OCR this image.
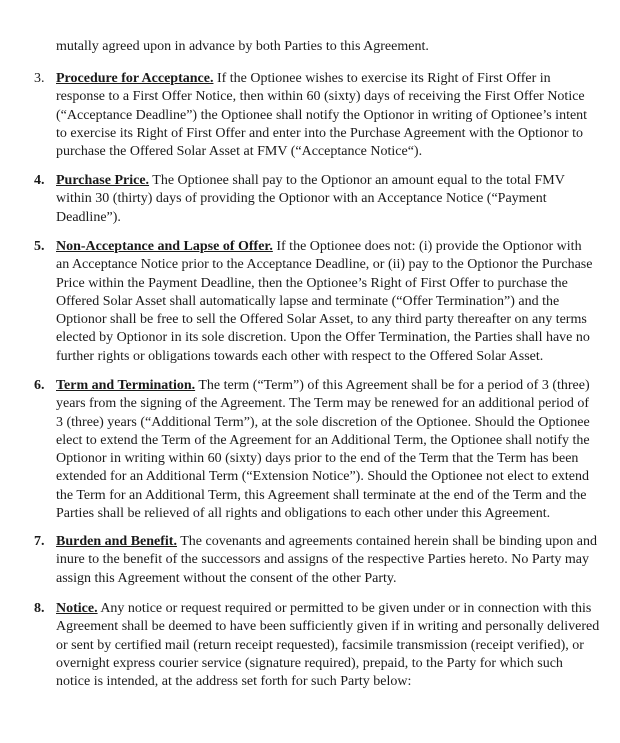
mutally agreed upon in advance by both Parties to this Agreement.
3. Procedure for Acceptance. If the Optionee wishes to exercise its Right of First Offer in
response to a First Offer Notice, then within 60 (sixty) days of receiving the First Offer Notice
(“Acceptance Deadline”) the Optionee shall notify the Optionor in writing of Optionee’s intent
to exercise its Right of First Offer and enter into the Purchase Agreement with the Optionor to
purchase the Offered Solar Asset at FMV (“Acceptance Notice“).
4. Purchase Price. The Optionee shall pay to the Optionor an amount equal to the total FMV
within 30 (thirty) days of providing the Optionor with an Acceptance Notice (“Payment
Deadline”).
5. Non-Acceptance and Lapse of Offer. If the Optionee does not: (i) provide the Optionor with
an Acceptance Notice prior to the Acceptance Deadline, or (ii) pay to the Optionor the Purchase
Price within the Payment Deadline, then the Optionee’s Right of First Offer to purchase the
Offered Solar Asset shall automatically lapse and terminate (“Offer Termination”) and the
Optionor shall be free to sell the Offered Solar Asset, to any third party thereafter on any terms
elected by Optionor in its sole discretion. Upon the Offer Termination, the Parties shall have no
further rights or obligations towards each other with respect to the Offered Solar Asset.
6. Term and Termination. The term (“Term”) of this Agreement shall be for a period of 3 (three)
years from the signing of the Agreement. The Term may be renewed for an additional period of
3 (three) years (“Additional Term”), at the sole discretion of the Optionee. Should the Optionee
elect to extend the Term of the Agreement for an Additional Term, the Optionee shall notify the
Optionor in writing within 60 (sixty) days prior to the end of the Term that the Term has been
extended for an Additional Term (“Extension Notice”). Should the Optionee not elect to extend
the Term for an Additional Term, this Agreement shall terminate at the end of the Term and the
Parties shall be relieved of all rights and obligations to each other under this Agreement.
7. Burden and Benefit. The covenants and agreements contained herein shall be binding upon and
inure to the benefit of the successors and assigns of the respective Parties hereto. No Party may
assign this Agreement without the consent of the other Party.
8. Notice. Any notice or request required or permitted to be given under or in connection with this
Agreement shall be deemed to have been sufficiently given if in writing and personally delivered
or sent by certified mail (return receipt requested), facsimile transmission (receipt verified), or
overnight express courier service (signature required), prepaid, to the Party for which such
notice is intended, at the address set forth for such Party below:
